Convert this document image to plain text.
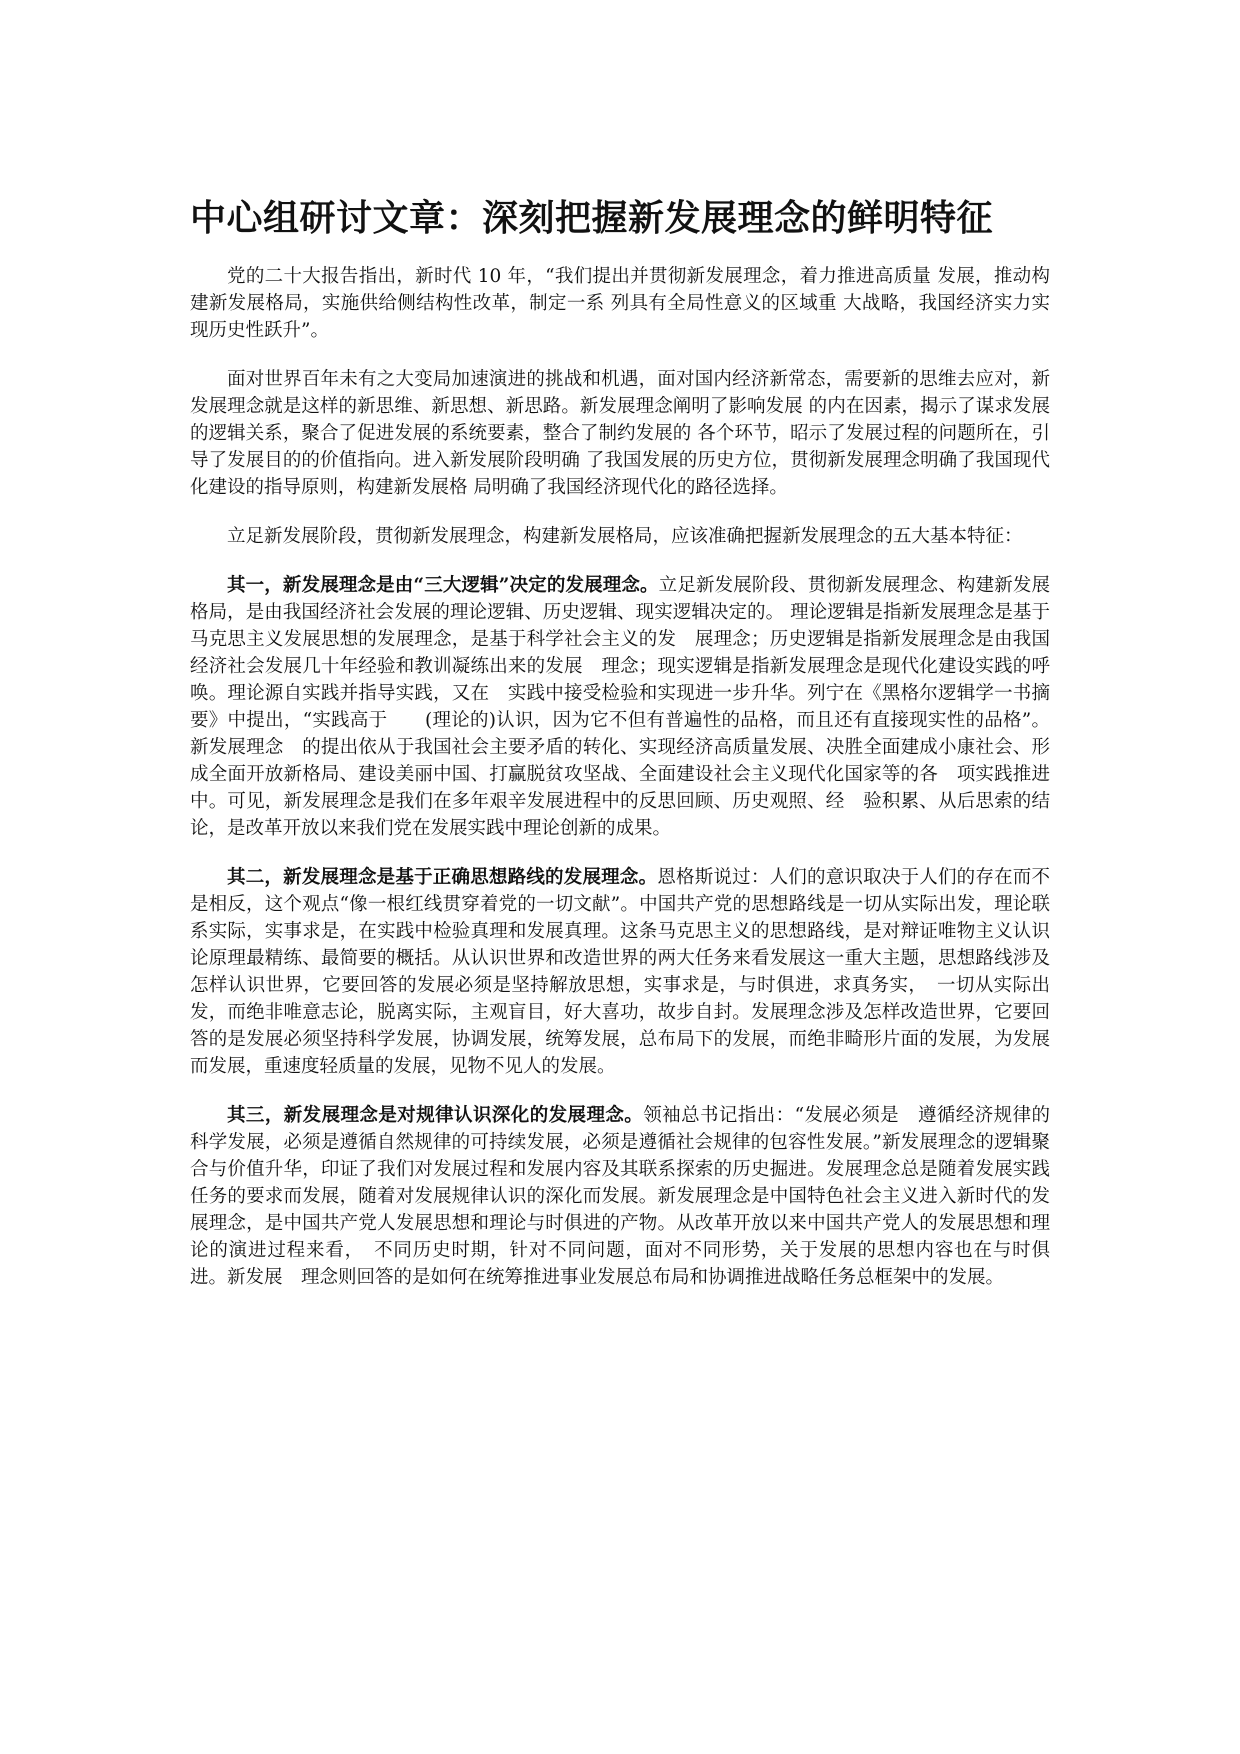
中心组研讨文章：深刻把握新发展理念的鲜明特征

党的二十大报告指出，新时代 10 年，“我们提出并贯彻新发展理念，着力推进高质量 发展，推动构建新发展格局，实施供给侧结构性改革，制定一系 列具有全局性意义的区域重 大战略，我国经济实力实现历史性跃升”。

面对世界百年未有之大变局加速演进的挑战和机遇，面对国内经济新常态，需要新的思维去应对，新发展理念就是这样的新思维、新思想、新思路。新发展理念阐明了影响发展 的内在因素，揭示了谋求发展的逻辑关系，聚合了促进发展的系统要素，整合了制约发展的 各个环节，昭示了发展过程的问题所在，引导了发展目的的价值指向。进入新发展阶段明确 了我国发展的历史方位，贯彻新发展理念明确了我国现代化建设的指导原则，构建新发展格 局明确了我国经济现代化的路径选择。

立足新发展阶段，贯彻新发展理念，构建新发展格局，应该准确把握新发展理念的五大基本特征：

其一，新发展理念是由“三大逻辑”决定的发展理念。立足新发展阶段、贯彻新发展理念、构建新发展格局，是由我国经济社会发展的理论逻辑、历史逻辑、现实逻辑决定的。 理论逻辑是指新发展理念是基于马克思主义发展思想的发展理念，是基于科学社会主义的发　展理念；历史逻辑是指新发展理念是由我国经济社会发展几十年经验和教训凝练出来的发展　理念；现实逻辑是指新发展理念是现代化建设实践的呼唤。理论源自实践并指导实践，又在　实践中接受检验和实现进一步升华。列宁在《黑格尔逻辑学一书摘要》中提出，“实践高于　　(理论的)认识，因为它不但有普遍性的品格，而且还有直接现实性的品格”。新发展理念　的提出依从于我国社会主要矛盾的转化、实现经济高质量发展、决胜全面建成小康社会、形　成全面开放新格局、建设美丽中国、打赢脱贫攻坚战、全面建设社会主义现代化国家等的各　项实践推进中。可见，新发展理念是我们在多年艰辛发展进程中的反思回顾、历史观照、经　验积累、从后思索的结论，是改革开放以来我们党在发展实践中理论创新的成果。

其二，新发展理念是基于正确思想路线的发展理念。恩格斯说过：人们的意识取决于人们的存在而不是相反，这个观点“像一根红线贯穿着党的一切文献”。中国共产党的思想路线是一切从实际出发，理论联系实际，实事求是，在实践中检验真理和发展真理。这条马克思主义的思想路线，是对辩证唯物主义认识论原理最精练、最简要的概括。从认识世界和改造世界的两大任务来看发展这一重大主题，思想路线涉及怎样认识世界，它要回答的发展必须是坚持解放思想，实事求是，与时俱进，求真务实，　一切从实际出发，而绝非唯意志论，脱离实际，主观盲目，好大喜功，故步自封。发展理念涉及怎样改造世界，它要回答的是发展必须坚持科学发展，协调发展，统筹发展，总布局下的发展，而绝非畸形片面的发展，为发展而发展，重速度轻质量的发展，见物不见人的发展。

其三，新发展理念是对规律认识深化的发展理念。领袖总书记指出：“发展必须是　遵循经济规律的科学发展，必须是遵循自然规律的可持续发展，必须是遵循社会规律的包容性发展。”新发展理念的逻辑聚合与价值升华，印证了我们对发展过程和发展内容及其联系探索的历史掘进。发展理念总是随着发展实践任务的要求而发展，随着对发展规律认识的深化而发展。新发展理念是中国特色社会主义进入新时代的发展理念，是中国共产党人发展思想和理论与时俱进的产物。从改革开放以来中国共产党人的发展思想和理论的演进过程来看，　不同历史时期，针对不同问题，面对不同形势，关于发展的思想内容也在与时俱进。新发展　理念则回答的是如何在统筹推进事业发展总布局和协调推进战略任务总框架中的发展。
